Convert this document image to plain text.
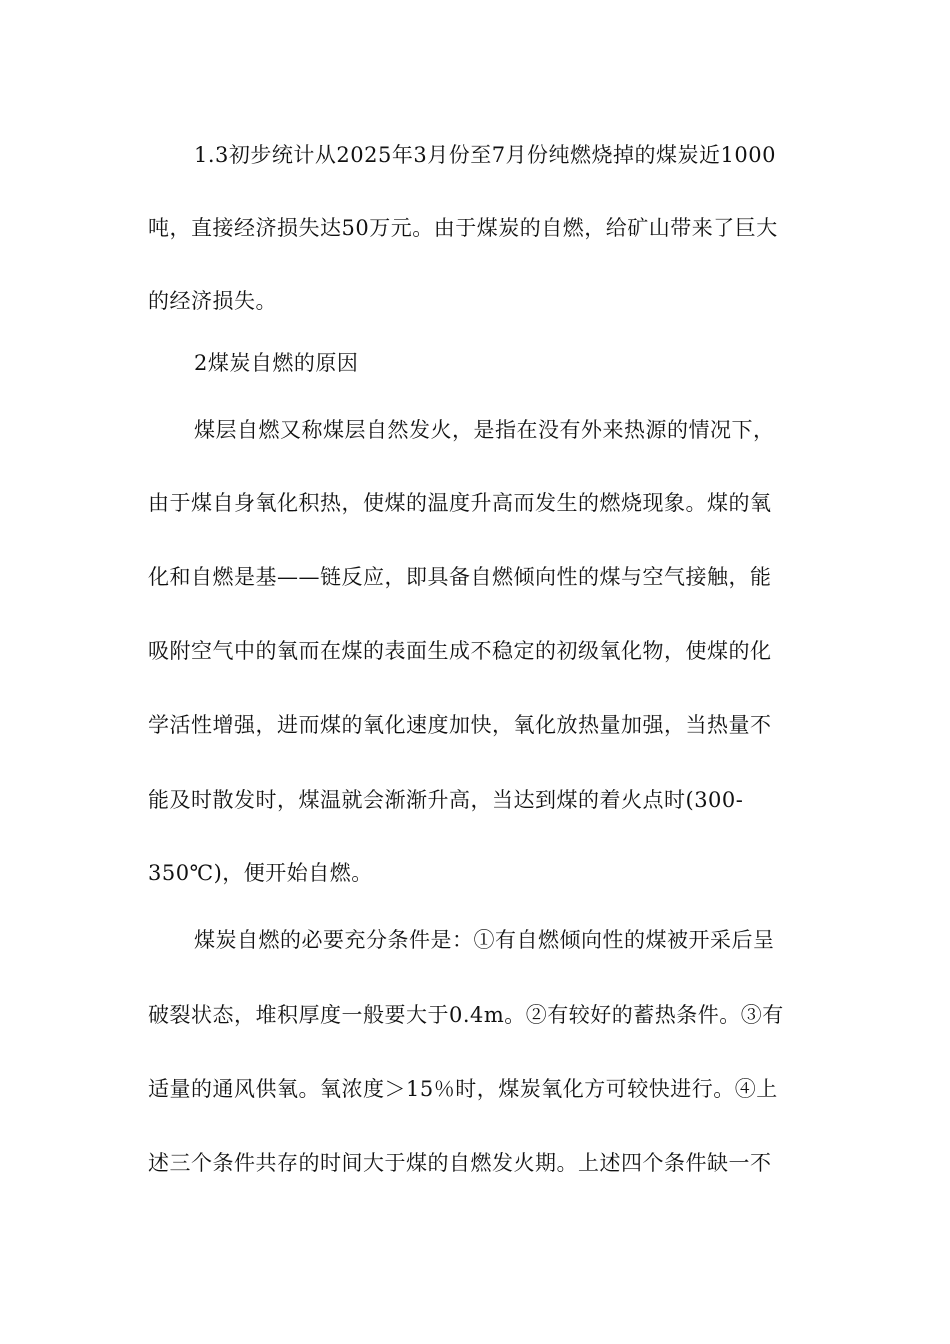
1.3初步统计从2025年3月份至7月份纯燃烧掉的煤炭近1000
吨，直接经济损失达50万元。由于煤炭的自燃，给矿山带来了巨大
的经济损失。
2煤炭自燃的原因
煤层自燃又称煤层自然发火，是指在没有外来热源的情况下，
由于煤自身氧化积热，使煤的温度升高而发生的燃烧现象。煤的氧
化和自燃是基——链反应，即具备自燃倾向性的煤与空气接触，能
吸附空气中的氧而在煤的表面生成不稳定的初级氧化物，使煤的化
学活性增强，进而煤的氧化速度加快，氧化放热量加强，当热量不
能及时散发时，煤温就会渐渐升高，当达到煤的着火点时(300-
350℃)，便开始自燃。
煤炭自燃的必要充分条件是：①有自燃倾向性的煤被开采后呈
破裂状态，堆积厚度一般要大于0.4m。②有较好的蓄热条件。③有
适量的通风供氧。氧浓度＞15％时，煤炭氧化方可较快进行。④上
述三个条件共存的时间大于煤的自燃发火期。上述四个条件缺一不
